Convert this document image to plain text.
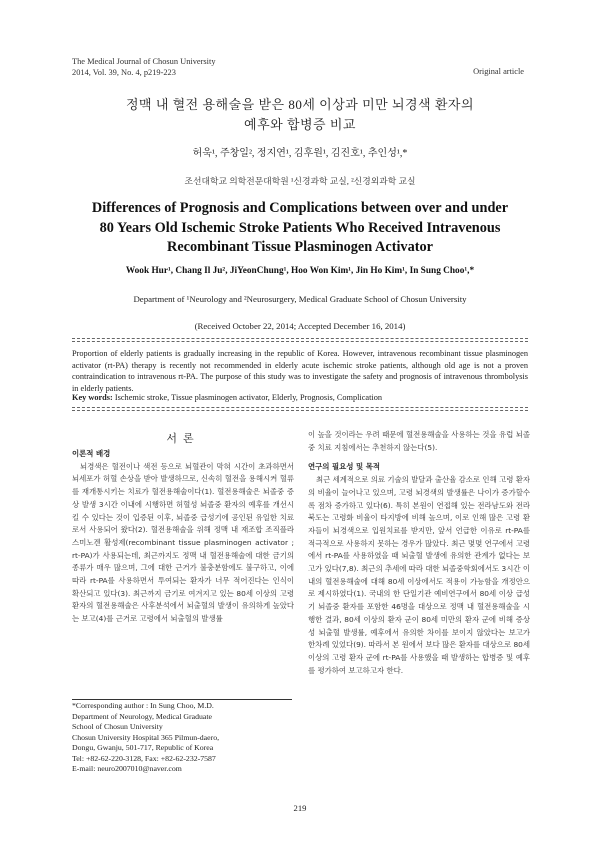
The Medical Journal of Chosun University
2014, Vol. 39, No. 4, p219-223	Original article
정맥 내 혈전 용해술을 받은 80세 이상과 미만 뇌경색 환자의
예후와 합병증 비교
허욱¹, 주창일², 정지연¹, 김후원¹, 김진호¹, 추인성¹,*
조선대학교 의학전문대학원 ¹신경과학 교실, ²신경외과학 교실
Differences of Prognosis and Complications between over and under
80 Years Old Ischemic Stroke Patients Who Received Intravenous
Recombinant Tissue Plasminogen Activator
Wook Hur¹, Chang Il Ju², JiYeonChung¹, Hoo Won Kim¹, Jin Ho Kim¹, In Sung Choo¹,*
Department of ¹Neurology and ²Neurosurgery, Medical Graduate School of Chosun University
(Received October 22, 2014; Accepted December 16, 2014)
Proportion of elderly patients is gradually increasing in the republic of Korea. However, intravenous recombinant tissue plasminogen activator (rt-PA) therapy is recently not recommended in elderly acute ischemic stroke patients, although old age is not a proven contraindication to intravenous rt-PA. The purpose of this study was to investigate the safety and prognosis of intravenous thrombolysis in elderly patients.
Key words: Ischemic stroke, Tissue plasminogen activator, Elderly, Prognosis, Complication
서론
이론적 배경

뇌경색은 혈전이나 색전 등으로 뇌혈관이 막혀 시간이 초과하면서 뇌세포가 허혈 손상을 받아 발생하므로, 신속히 혈전을 용해시켜 혈류를 재개통시키는 치료가 혈전용해술이다(1). 혈전용해술은 뇌졸중 증상 발생 3시간 이내에 시행하면 허혈성 뇌졸중 환자의 예후를 개선시킬 수 있다는 것이 입증된 이후, 뇌졸중 급성기에 공인된 유일한 치료로서 사용되어 왔다(2). 혈전용해술을 위해 정맥 내 재조합 조직플라스미노겐 활성제(recombinant tissue plasminogen activator ; rt-PA)가 사용되는데, 최근까지도 정맥 내 혈전용해술에 대한 금기의 종류가 매우 많으며, 그에 대한 근거가 불충분함에도 불구하고, 이에 따라 rt-PA를 사용하면서 투여되는 환자가 너무 적어진다는 인식이 확산되고 있다(3). 최근까지 금기로 여겨지고 있는 80세 이상의 고령 환자의 혈전용해술은 사후분석에서 뇌출혈의 발생이 유의하게 높았다는 보고(4)를 근거로 고령에서 뇌출혈의 발생률

이 높을 것이라는 우려 때문에 혈전용해술을 사용하는 것을 유럽 뇌졸중 치료 지침에서는 추천하지 않는다(5).

연구의 필요성 및 목적

최근 세계적으로 의료 기술의 발달과 출산율 감소로 인해 고령 환자의 비율이 늘어나고 있으며, 고령 뇌경색의 발생률은 나이가 증가할수록 점차 증가하고 있다(6). 특히 본원이 연접해 있는 전라남도와 전라북도는 고령화 비율이 타지방에 비해 높으며, 이로 인해 많은 고령 환자들이 뇌경색으로 입원치료를 받지만, 앞서 언급한 이유로 rt-PA를 적극적으로 사용하지 못하는 경우가 많았다. 최근 몇몇 연구에서 고령에서 rt-PA를 사용하였을 때 뇌출혈 발생에 유의한 관계가 없다는 보고가 있다(7,8). 최근의 추세에 따라 대한 뇌졸중학회에서도 3시간 이내의 혈전용해술에 대해 80세 이상에서도 적용이 가능함을 개정안으로 제시하였다(1). 국내의 한 단일기관 예비연구에서 80세 이상 급성기 뇌졸중 환자를 포함한 46명을 대상으로 정맥 내 혈전용해술을 시행한 결과, 80세 이상의 환자 군이 80세 미만의 환자 군에 비해 증상성 뇌출혈 발생률, 예후에서 유의한 차이를 보이지 않았다는 보고가 한차례 있었다(9). 따라서 본 원에서 보다 많은 환자를 대상으로 80세 이상의 고령 환자 군에 rt-PA를 사용했을 때 발생하는 합병증 및 예후를 평가하여 보고하고자 한다.

*Corresponding author : In Sung Choo, M.D.
Department of Neurology, Medical Graduate
School of Chosun University
Chosun University Hospital 365 Pilmun-daero,
Dongu, Gwanju, 501-717, Republic of Korea
Tel: +82-62-220-3128, Fax: +82-62-232-7587
E-mail: neuro2007010@naver.com
219
